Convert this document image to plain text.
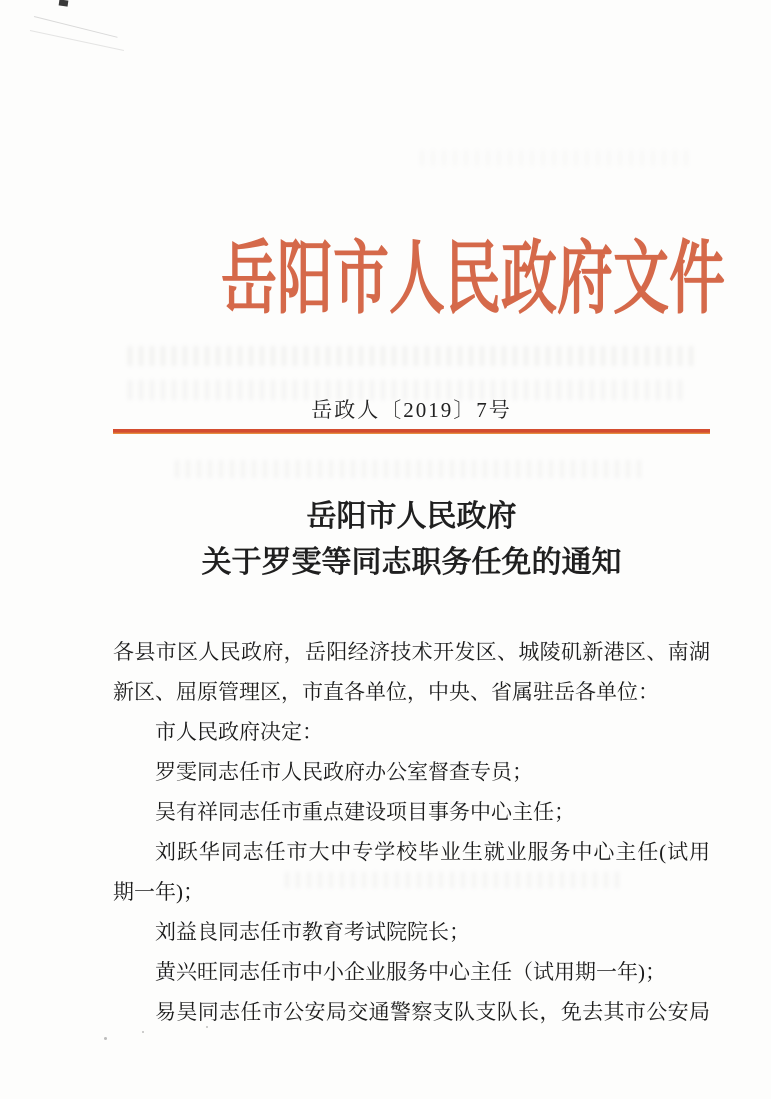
岳阳市人民政府文件
岳政人〔2019〕7号
岳阳市人民政府
关于罗雯等同志职务任免的通知
各县市区人民政府，岳阳经济技术开发区、城陵矶新港区、南湖
新区、屈原管理区，市直各单位，中央、省属驻岳各单位：
市人民政府决定：
罗雯同志任市人民政府办公室督查专员；
吴有祥同志任市重点建设项目事务中心主任；
刘跃华同志任市大中专学校毕业生就业服务中心主任(试用
期一年)；
刘益良同志任市教育考试院院长；
黄兴旺同志任市中小企业服务中心主任（试用期一年)；
易昊同志任市公安局交通警察支队支队长，免去其市公安局
